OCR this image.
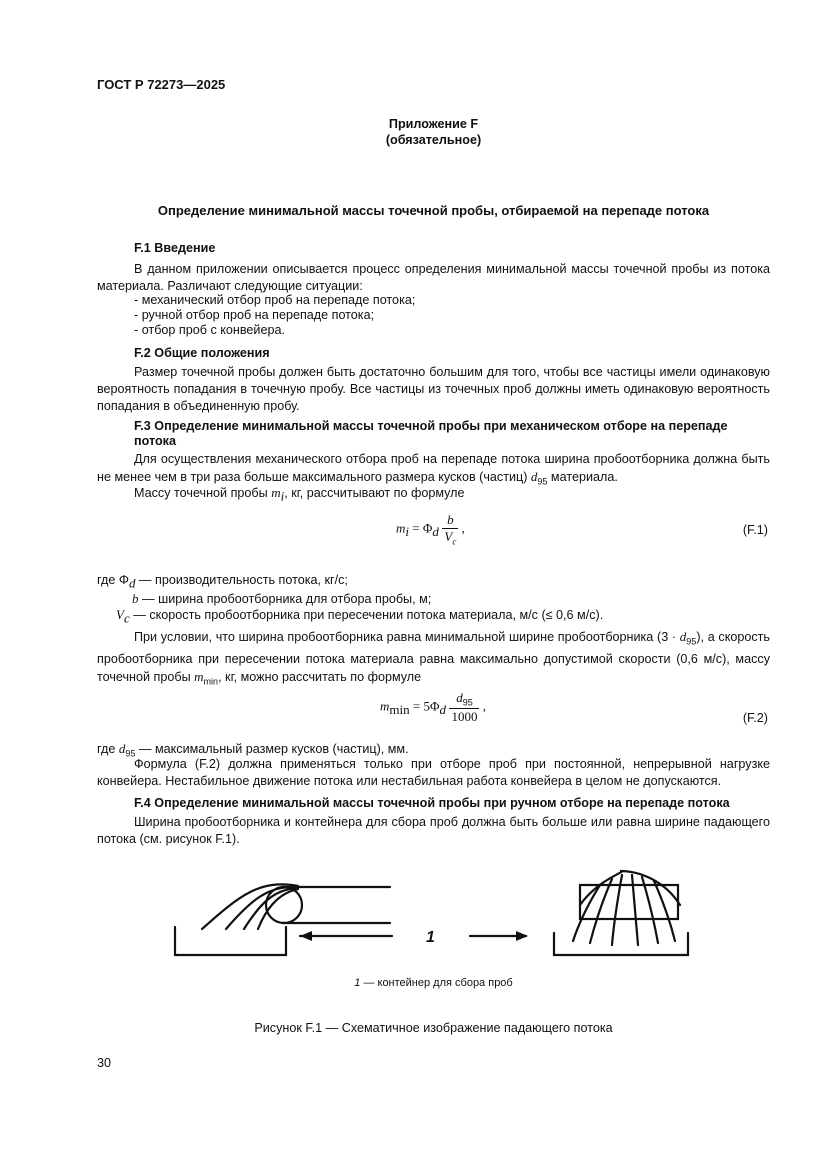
ГОСТ Р 72273—2025
Приложение F
(обязательное)
Определение минимальной массы точечной пробы, отбираемой на перепаде потока
F.1 Введение
В данном приложении описывается процесс определения минимальной массы точечной пробы из потока материала. Различают следующие ситуации:
- механический отбор проб на перепаде потока;
- ручной отбор проб на перепаде потока;
- отбор проб с конвейера.
F.2 Общие положения
Размер точечной пробы должен быть достаточно большим для того, чтобы все частицы имели одинаковую вероятность попадания в точечную пробу. Все частицы из точечных проб должны иметь одинаковую вероятность попадания в объединенную пробу.
F.3 Определение минимальной массы точечной пробы при механическом отборе на перепаде
потока
Для осуществления механического отбора проб на перепаде потока ширина пробоотборника должна быть не менее чем в три раза больше максимального размера кусков (частиц) $d_{95}$ материала.
Массу точечной пробы $m_i$, кг, рассчитывают по формуле
$m_i = \Phi_d \frac{b}{V_c}$ ,	(F.1)
где $\Phi_d$ — производительность потока, кг/с;
b — ширина пробоотборника для отбора пробы, м;
$V_c$ — скорость пробоотборника при пересечении потока материала, м/с (≤ 0,6 м/с).
При условии, что ширина пробоотборника равна минимальной ширине пробоотборника $(3 \cdot d_{95})$, а скорость пробоотборника при пересечении потока материала равна максимально допустимой скорости (0,6 м/с), массу точечной пробы $m_{min}$, кг, можно рассчитать по формуле
$m_{min} = 5\Phi_d \frac{d_{95}}{1000}$ ,
(F.2)
где $d_{95}$ — максимальный размер кусков (частиц), мм.
Формула (F.2) должна применяться только при отборе проб при постоянной, непрерывной нагрузке конвейера. Нестабильное движение потока или нестабильная работа конвейера в целом не допускаются.
F.4 Определение минимальной массы точечной пробы при ручном отборе на перепаде потока
Ширина пробоотборника и контейнера для сбора проб должна быть больше или равна ширине падающего потока (см. рисунок F.1).
1
1 — контейнер для сбора проб
Рисунок F.1 — Схематичное изображение падающего потока
30
